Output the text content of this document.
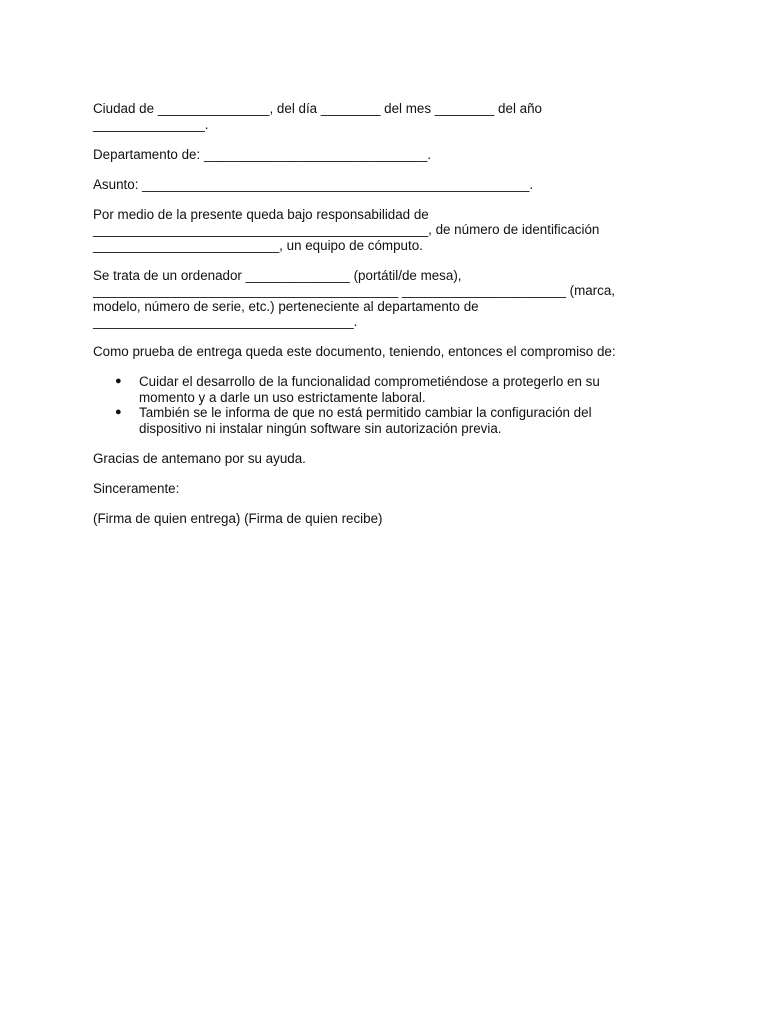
Ciudad de _______________, del día ________ del mes ________ del año
_______________.

Departamento de: ______________________________.

Asunto: ____________________________________________________.

Por medio de la presente queda bajo responsabilidad de
_____________________________________________, de número de identificación
_________________________, un equipo de cómputo.

Se trata de un ordenador ______________ (portátil/de mesa),
_________________________________________ ______________________ (marca,
modelo, número de serie, etc.) perteneciente al departamento de
___________________________________.

Como prueba de entrega queda este documento, teniendo, entonces el compromiso de:

● Cuidar el desarrollo de la funcionalidad comprometiéndose a protegerlo en su
momento y a darle un uso estrictamente laboral.
● También se le informa de que no está permitido cambiar la configuración del
dispositivo ni instalar ningún software sin autorización previa.

Gracias de antemano por su ayuda.

Sinceramente:

(Firma de quien entrega) (Firma de quien recibe)
